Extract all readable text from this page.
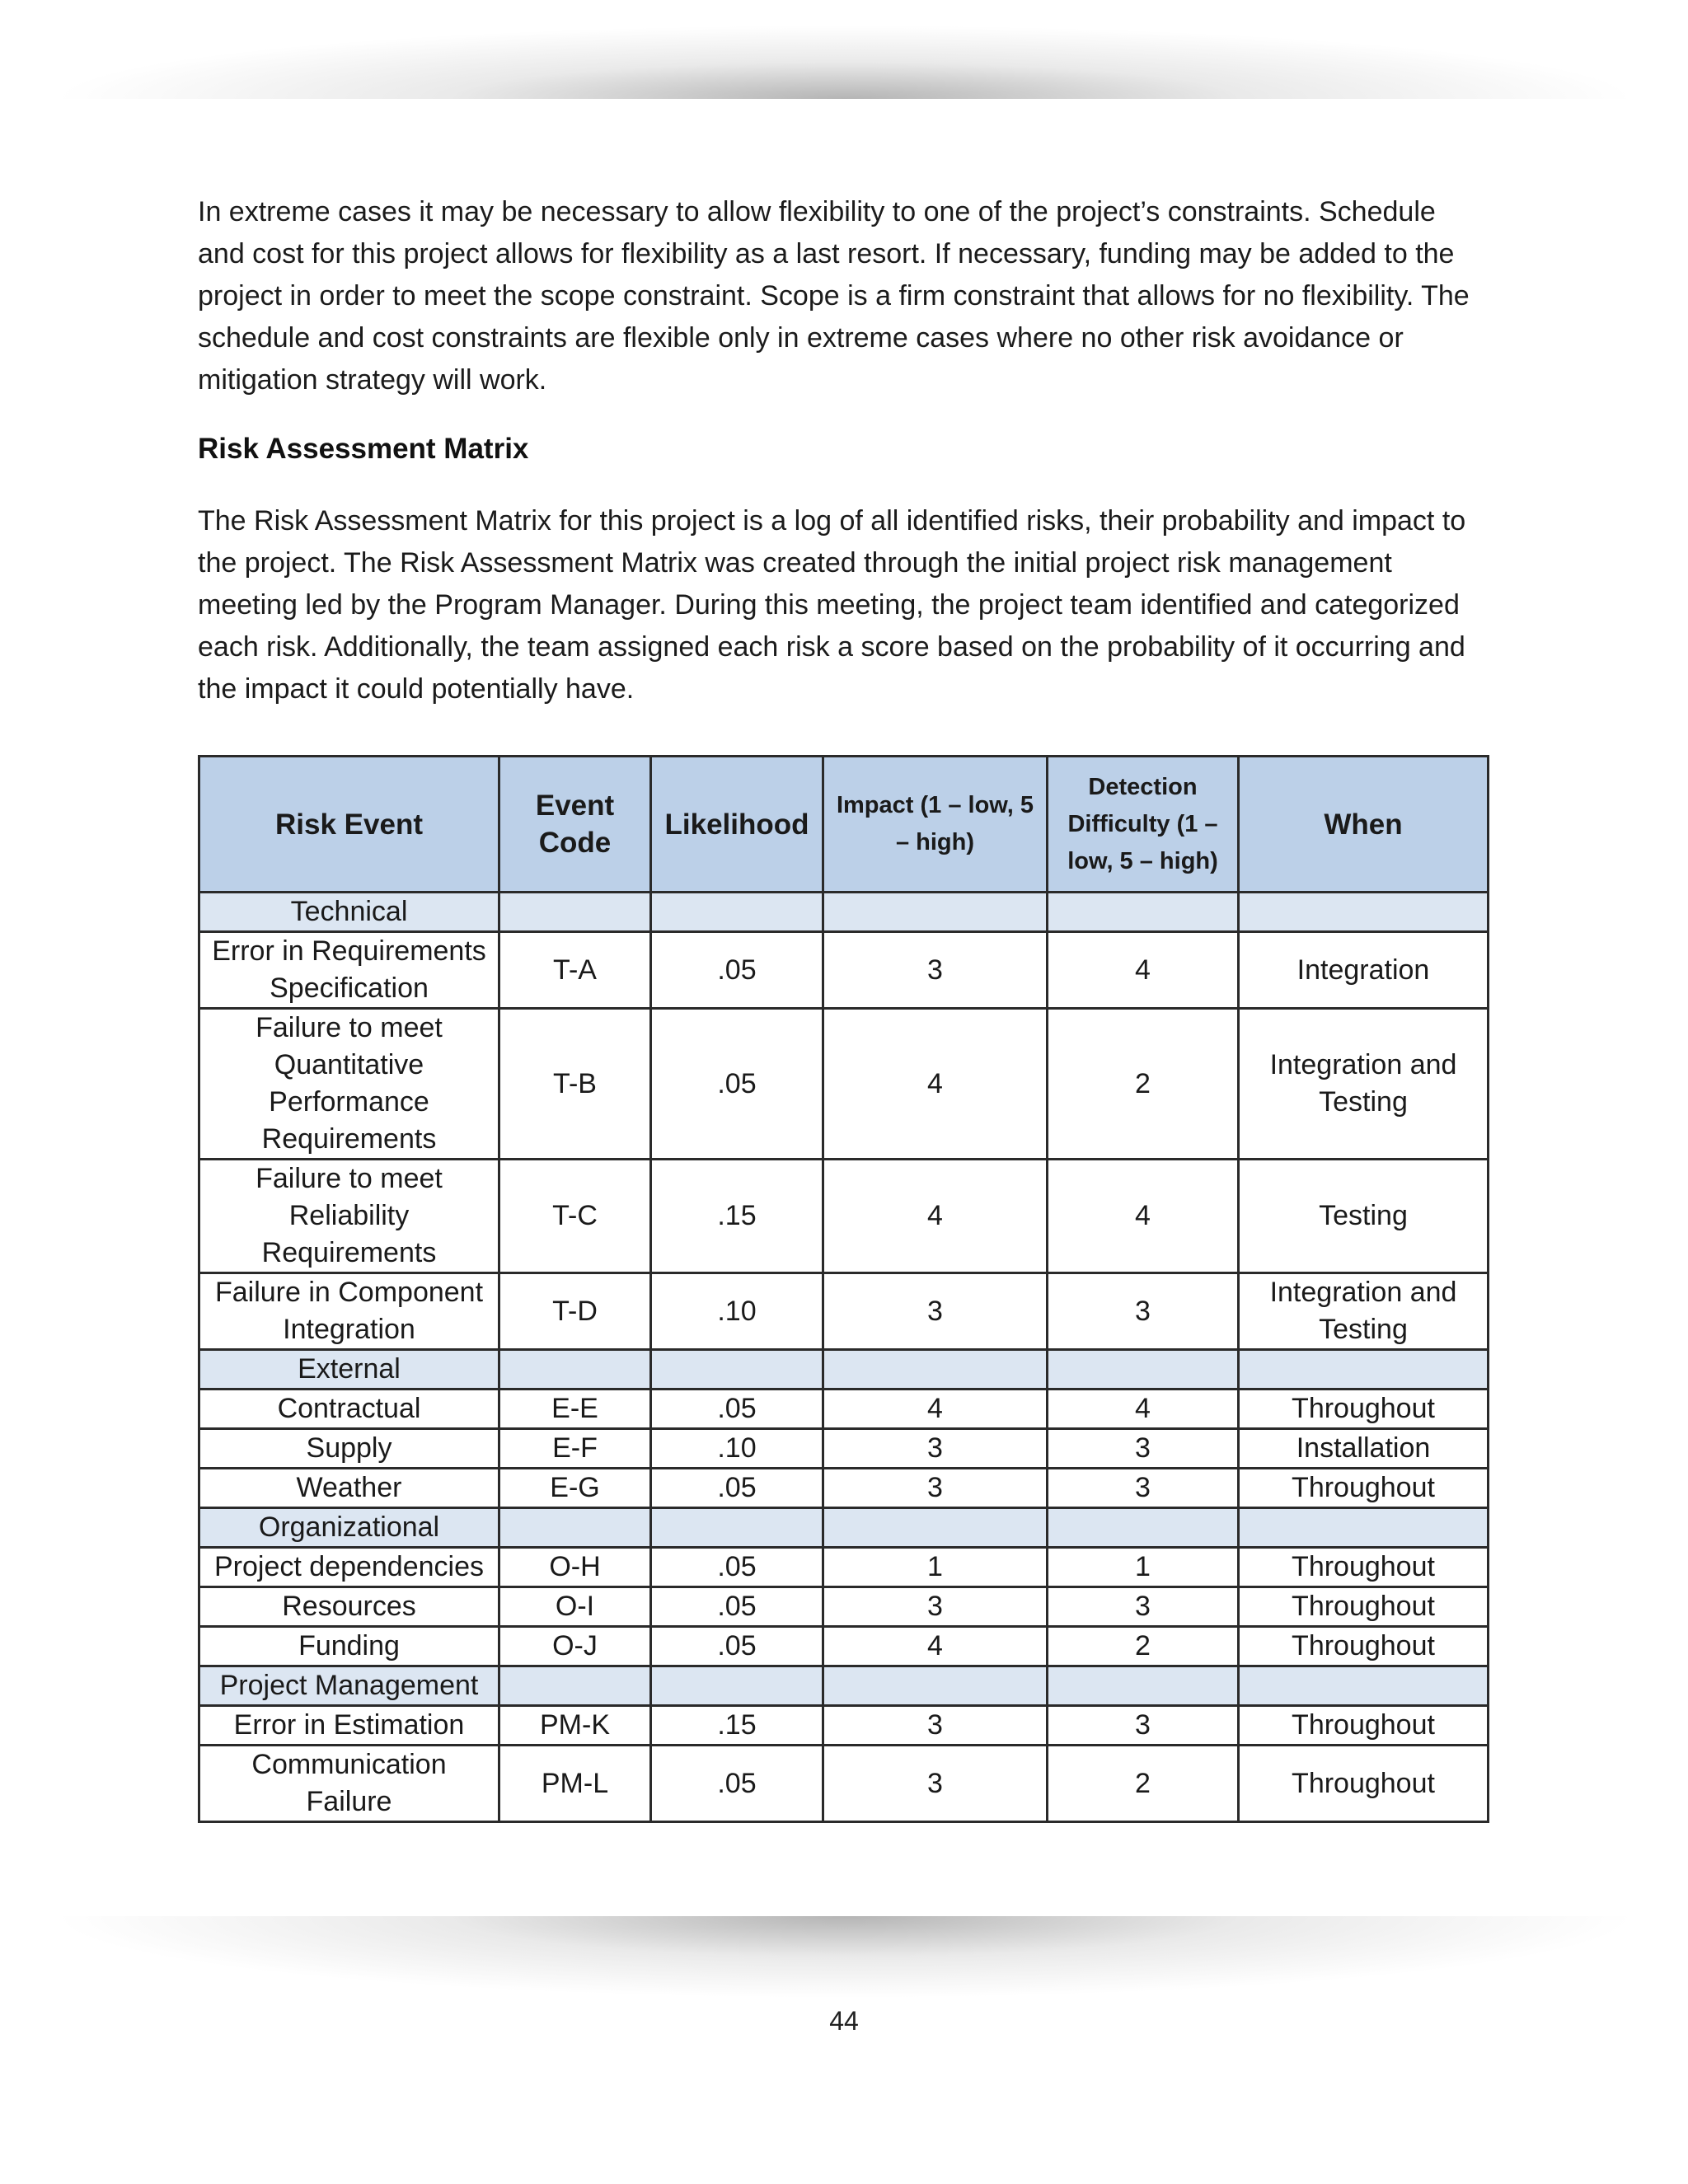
In extreme cases it may be necessary to allow flexibility to one of the project’s constraints. Schedule and cost for this project allows for flexibility as a last resort. If necessary, funding may be added to the project in order to meet the scope constraint. Scope is a firm constraint that allows for no flexibility. The schedule and cost constraints are flexible only in extreme cases where no other risk avoidance or mitigation strategy will work.

Risk Assessment Matrix

The Risk Assessment Matrix for this project is a log of all identified risks, their probability and impact to the project. The Risk Assessment Matrix was created through the initial project risk management meeting led by the Program Manager. During this meeting, the project team identified and categorized each risk. Additionally, the team assigned each risk a score based on the probability of it occurring and the impact it could potentially have.

Risk Event	Event Code	Likelihood	Impact (1 – low, 5 – high)	Detection Difficulty (1 – low, 5 – high)	When
Technical					
Error in Requirements Specification	T-A	.05	3	4	Integration
Failure to meet Quantitative Performance Requirements	T-B	.05	4	2	Integration and Testing
Failure to meet Reliability Requirements	T-C	.15	4	4	Testing
Failure in Component Integration	T-D	.10	3	3	Integration and Testing
External					
Contractual	E-E	.05	4	4	Throughout
Supply	E-F	.10	3	3	Installation
Weather	E-G	.05	3	3	Throughout
Organizational					
Project dependencies	O-H	.05	1	1	Throughout
Resources	O-I	.05	3	3	Throughout
Funding	O-J	.05	4	2	Throughout
Project Management					
Error in Estimation	PM-K	.15	3	3	Throughout
Communication Failure	PM-L	.05	3	2	Throughout
44
